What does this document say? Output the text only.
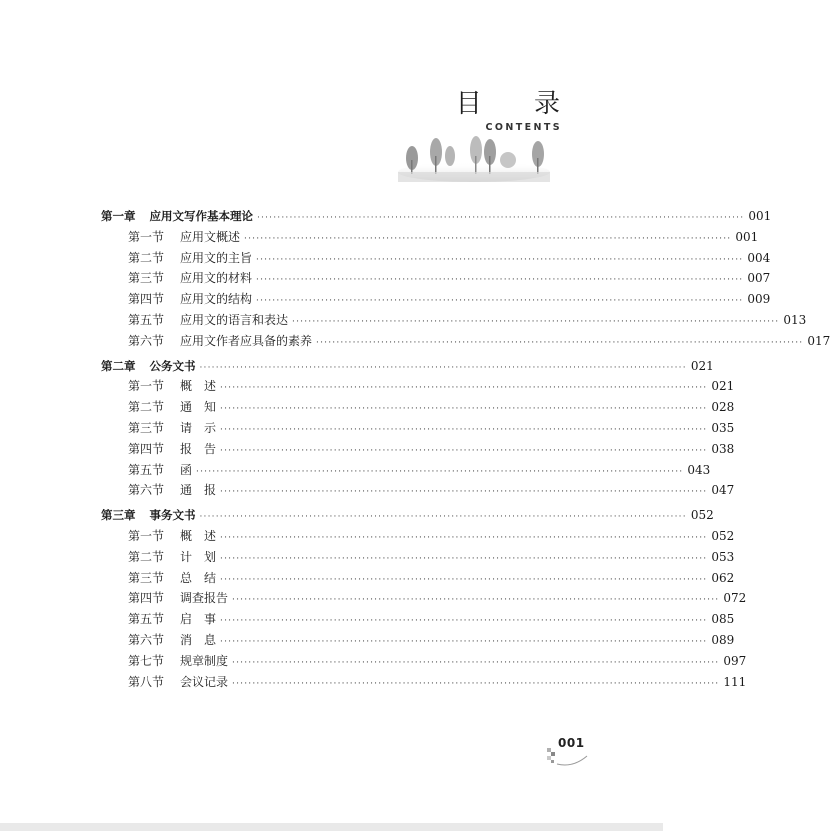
目 录
CONTENTS
第一章 应用文写作基本理论 ························································································································ 001
第一节 应用文概述 ························································································································ 001
第二节 应用文的主旨 ························································································································ 004
第三节 应用文的材料 ························································································································ 007
第四节 应用文的结构 ························································································································ 009
第五节 应用文的语言和表达 ························································································································ 013
第六节 应用文作者应具备的素养 ························································································································ 017
第二章 公务文书 ························································································································ 021
第一节 概　述 ························································································································ 021
第二节 通　知 ························································································································ 028
第三节 请　示 ························································································································ 035
第四节 报　告 ························································································································ 038
第五节 函 ························································································································ 043
第六节 通　报 ························································································································ 047
第三章 事务文书 ························································································································ 052
第一节 概　述 ························································································································ 052
第二节 计　划 ························································································································ 053
第三节 总　结 ························································································································ 062
第四节 调查报告 ························································································································ 072
第五节 启　事 ························································································································ 085
第六节 消　息 ························································································································ 089
第七节 规章制度 ························································································································ 097
第八节 会议记录 ························································································································ 111
001
